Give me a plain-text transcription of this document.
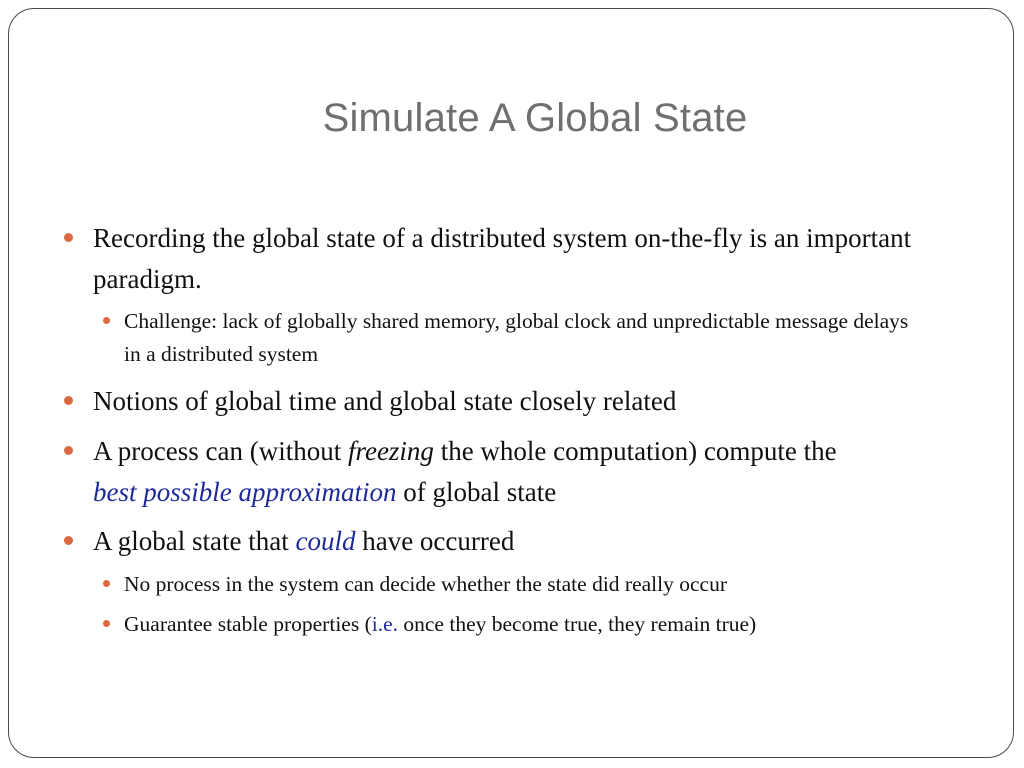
Simulate A Global State
Recording the global state of a distributed system on-the-fly is an important paradigm.
Challenge: lack of globally shared memory, global clock and unpredictable message delays in a distributed system
Notions of global time and global state closely related
A process can (without freezing the whole computation) compute the
best possible approximation of global state
A global state that could have occurred
No process in the system can decide whether the state did really occur
Guarantee stable properties (i.e. once they become true, they remain true)
